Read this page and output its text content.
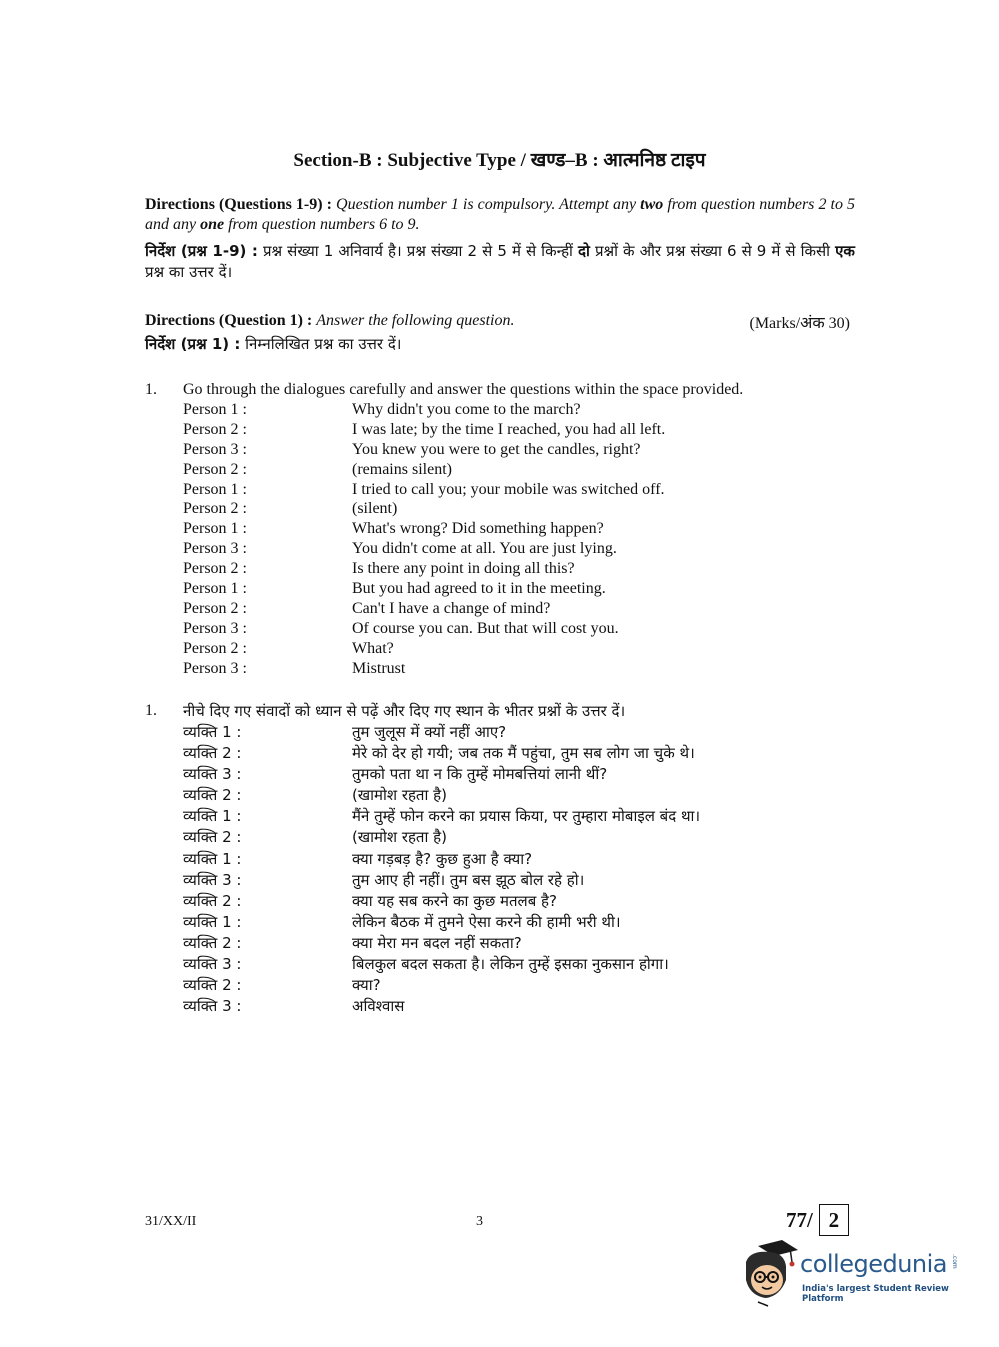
Section-B : Subjective Type / खण्ड–B : आत्मनिष्ठ टाइप
Directions (Questions 1-9) : Question number 1 is compulsory. Attempt any two from question numbers 2 to 5 and any one from question numbers 6 to 9.
निर्देश (प्रश्न 1-9) : प्रश्न संख्या 1 अनिवार्य है। प्रश्न संख्या 2 से 5 में से किन्हीं दो प्रश्नों के और प्रश्न संख्या 6 से 9 में से किसी एक प्रश्न का उत्तर दें।
Directions (Question 1) : Answer the following question.	(Marks/अंक 30)
निर्देश (प्रश्न 1) : निम्नलिखित प्रश्न का उत्तर दें।
1. Go through the dialogues carefully and answer the questions within the space provided.
Person 1 :	Why didn't you come to the march?
Person 2 :	I was late; by the time I reached, you had all left.
Person 3 :	You knew you were to get the candles, right?
Person 2 :	(remains silent)
Person 1 :	I tried to call you; your mobile was switched off.
Person 2 :	(silent)
Person 1 :	What's wrong? Did something happen?
Person 3 :	You didn't come at all. You are just lying.
Person 2 :	Is there any point in doing all this?
Person 1 :	But you had agreed to it in the meeting.
Person 2 :	Can't I have a change of mind?
Person 3 :	Of course you can. But that will cost you.
Person 2 :	What?
Person 3 :	Mistrust
1. नीचे दिए गए संवादों को ध्यान से पढ़ें और दिए गए स्थान के भीतर प्रश्नों के उत्तर दें।
व्यक्ति 1 :	तुम जुलूस में क्यों नहीं आए?
व्यक्ति 2 :	मेरे को देर हो गयी; जब तक मैं पहुंचा, तुम सब लोग जा चुके थे।
व्यक्ति 3 :	तुमको पता था न कि तुम्हें मोमबत्तियां लानी थीं?
व्यक्ति 2 :	(खामोश रहता है)
व्यक्ति 1 :	मैंने तुम्हें फोन करने का प्रयास किया, पर तुम्हारा मोबाइल बंद था।
व्यक्ति 2 :	(खामोश रहता है)
व्यक्ति 1 :	क्या गड़बड़ है? कुछ हुआ है क्या?
व्यक्ति 3 :	तुम आए ही नहीं। तुम बस झूठ बोल रहे हो।
व्यक्ति 2 :	क्या यह सब करने का कुछ मतलब है?
व्यक्ति 1 :	लेकिन बैठक में तुमने ऐसा करने की हामी भरी थी।
व्यक्ति 2 :	क्या मेरा मन बदल नहीं सकता?
व्यक्ति 3 :	बिलकुल बदल सकता है। लेकिन तुम्हें इसका नुकसान होगा।
व्यक्ति 2 :	क्या?
व्यक्ति 3 :	अविश्वास
31/XX/II	3	77/ 2
collegedunia .com
India's largest Student Review Platform
